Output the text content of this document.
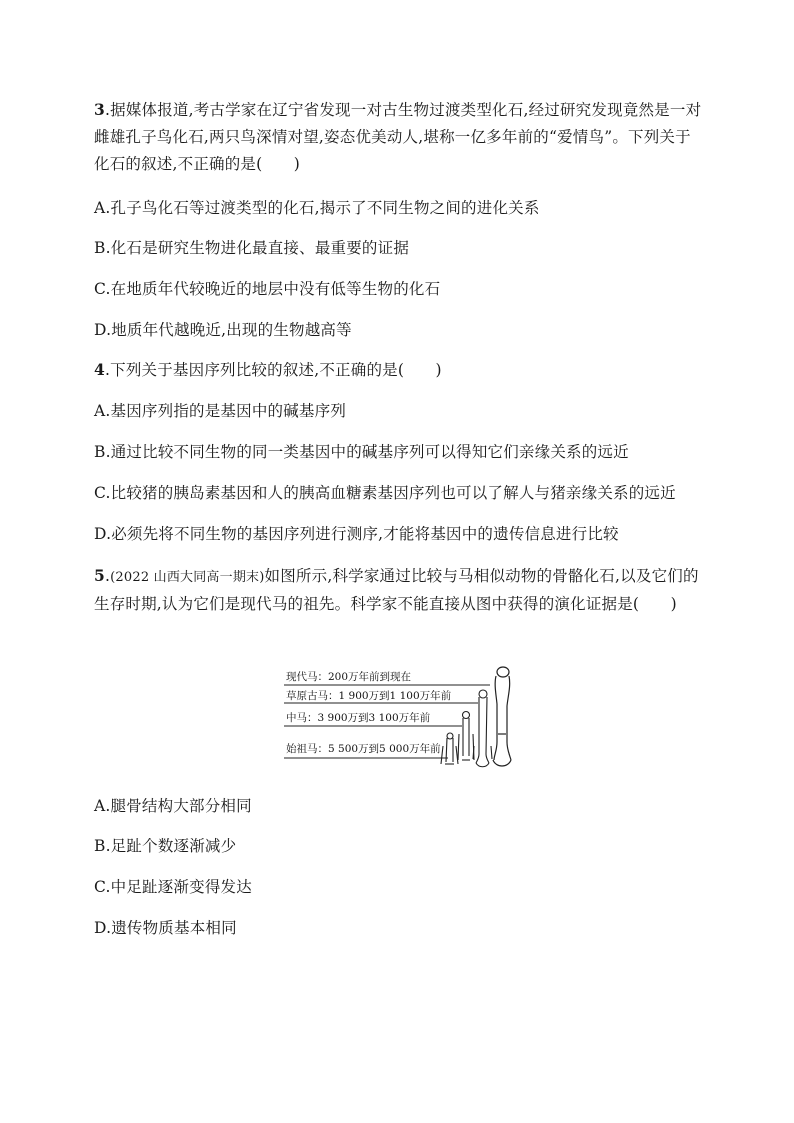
3.据媒体报道,考古学家在辽宁省发现一对古生物过渡类型化石,经过研究发现竟然是一对雌雄孔子鸟化石,两只鸟深情对望,姿态优美动人,堪称一亿多年前的“爱情鸟”。下列关于化石的叙述,不正确的是(　　)
A.孔子鸟化石等过渡类型的化石,揭示了不同生物之间的进化关系
B.化石是研究生物进化最直接、最重要的证据
C.在地质年代较晚近的地层中没有低等生物的化石
D.地质年代越晚近,出现的生物越高等
4.下列关于基因序列比较的叙述,不正确的是(　　)
A.基因序列指的是基因中的碱基序列
B.通过比较不同生物的同一类基因中的碱基序列可以得知它们亲缘关系的远近
C.比较猪的胰岛素基因和人的胰高血糖素基因序列也可以了解人与猪亲缘关系的远近
D.必须先将不同生物的基因序列进行测序,才能将基因中的遗传信息进行比较
5.(2022 山西大同高一期末)如图所示,科学家通过比较与马相似动物的骨骼化石,以及它们的生存时期,认为它们是现代马的祖先。科学家不能直接从图中获得的演化证据是(　　)
现代马：200万年前到现在
草原古马：1 900万到1 100万年前
中马：3 900万到3 100万年前
始祖马：5 500万到5 000万年前
A.腿骨结构大部分相同
B.足趾个数逐渐减少
C.中足趾逐渐变得发达
D.遗传物质基本相同
